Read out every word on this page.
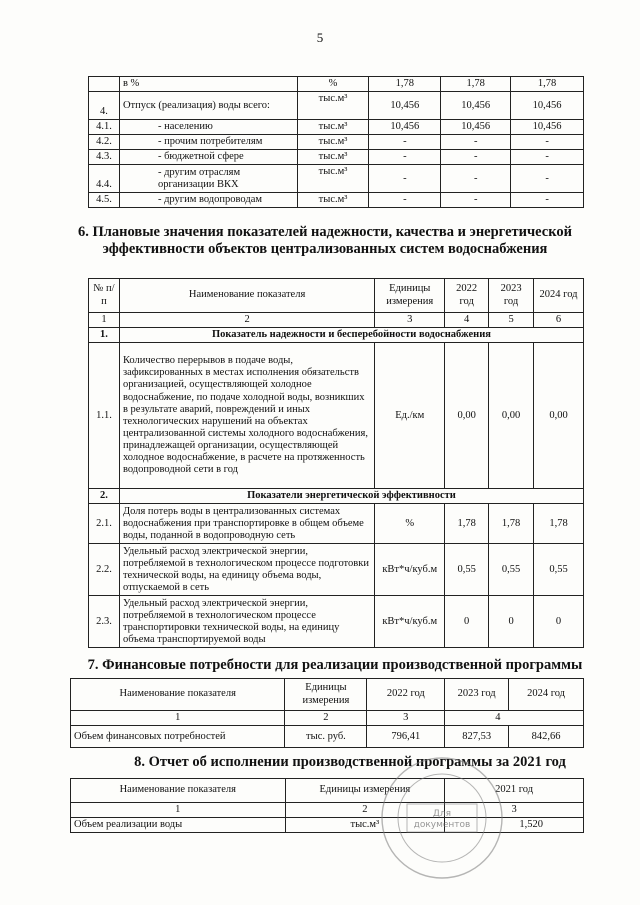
5
	в %	%	1,78	1,78	1,78
4.	Отпуск (реализация) воды всего:	тыс.м³	10,456	10,456	10,456
4.1.	- населению	тыс.м³	10,456	10,456	10,456
4.2.	- прочим потребителям	тыс.м³	-	-	-
4.3.	- бюджетной сфере	тыс.м³	-	-	-
4.4.	- другим отраслям организации ВКХ	тыс.м³	-	-	-
4.5.	- другим водопроводам	тыс.м³	-	-	-
6. Плановые значения показателей надежности, качества и энергетической эффективности объектов централизованных систем водоснабжения
№ п/п	Наименование показателя	Единицы измерения	2022 год	2023 год	2024 год
1	2	3	4	5	6
1.	Показатель надежности и бесперебойности водоснабжения				
1.1.	Количество перерывов в подаче воды, зафиксированных в местах исполнения обязательств организацией, осуществляющей холодное водоснабжение, по подаче холодной воды, возникших в результате аварий, повреждений и иных технологических нарушений на объектах централизованной системы холодного водоснабжения, принадлежащей организации, осуществляющей холодное водоснабжение, в расчете на протяженность водопроводной сети в год	Ед./км	0,00	0,00	0,00
2.	Показатели энергетической эффективности				
2.1.	Доля потерь воды в централизованных системах водоснабжения при транспортировке в общем объеме воды, поданной в водопроводную сеть	%	1,78	1,78	1,78
2.2.	Удельный расход электрической энергии, потребляемой в технологическом процессе подготовки технической воды, на единицу объема воды, отпускаемой в сеть	кВт*ч/куб.м	0,55	0,55	0,55
2.3.	Удельный расход электрической энергии, потребляемой в технологическом процессе транспортировки технической воды, на единицу объема транспортируемой воды	кВт*ч/куб.м	0	0	0
7. Финансовые потребности для реализации производственной программы
Наименование показателя	Единицы измерения	2022 год	2023 год	2024 год
1	2	3	4	
Объем финансовых потребностей	тыс. руб.	796,41	827,53	842,66
8. Отчет об исполнении производственной программы за 2021 год
Наименование показателя	Единицы измерения	2021 год
1	2	3
Объем реализации воды	тыс.м³	1,520
Для
документов
